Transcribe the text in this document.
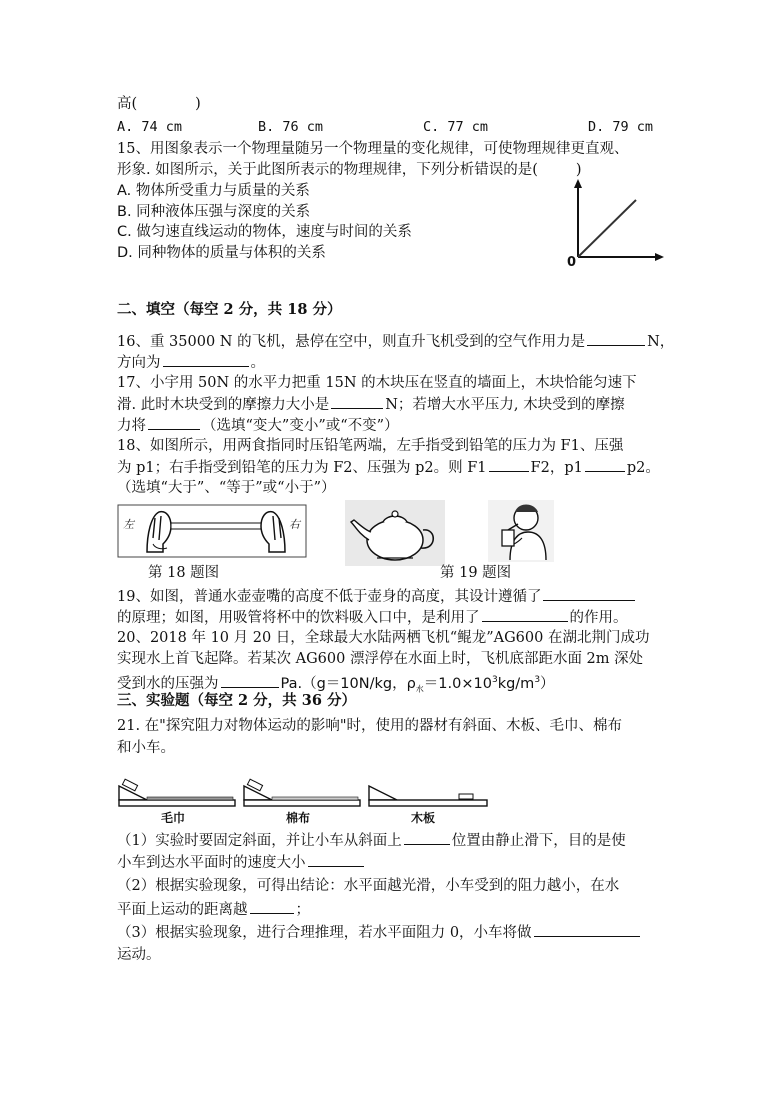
高(　　　　)
A. 74 cm	B. 76 cm	C. 77 cm	D. 79 cm
15、用图象表示一个物理量随另一个物理量的变化规律，可使物理规律更直观、
形象. 如图所示，关于此图所表示的物理规律，下列分析错误的是(	)
A. 物体所受重力与质量的关系
B. 同种液体压强与深度的关系
C. 做匀速直线运动的物体，速度与时间的关系
D. 同种物体的质量与体积的关系
0
二、填空（每空 2 分，共 18 分）
16、重 35000 N 的飞机，悬停在空中，则直升飞机受到的空气作用力是	N，
方向为	。
17、小宇用 50N 的水平力把重 15N 的木块压在竖直的墙面上，木块恰能匀速下
滑. 此时木块受到的摩擦力大小是	N；若增大水平压力, 木块受到的摩擦
力将	（选填“变大”变小”或“不变”）
18、如图所示，用两食指同时压铅笔两端，左手指受到铅笔的压力为 F1、压强
为 p1；右手指受到铅笔的压力为 F2、压强为 p2。则 F1	F2，p1	p2。
（选填“大于”、“等于”或“小于”）
左	右
第 18 题图	第 19 题图
19、如图，普通水壶壶嘴的高度不低于壶身的高度，其设计遵循了
的原理；如图，用吸管将杯中的饮料吸入口中，是利用了	的作用。
20、2018 年 10 月 20 日，全球最大水陆两栖飞机“鲲龙”AG600 在湖北荆门成功
实现水上首飞起降。若某次 AG600 漂浮停在水面上时，飞机底部距水面 2m 深处
受到水的压强为	Pa.（g＝10N/kg，$\rho_水=1.0\times 10^3kg/m^3$）
三、实验题（每空 2 分，共 36 分）
21. 在"探究阻力对物体运动的影响"时，使用的器材有斜面、木板、毛巾、棉布
和小车。
毛巾	棉布	木板
（1）实验时要固定斜面，并让小车从斜面上	位置由静止滑下，目的是使
小车到达水平面时的速度大小
（2）根据实验现象，可得出结论：水平面越光滑，小车受到的阻力越小，在水
平面上运动的距离越	；
（3）根据实验现象，进行合理推理，若水平面阻力 0，小车将做
运动。
